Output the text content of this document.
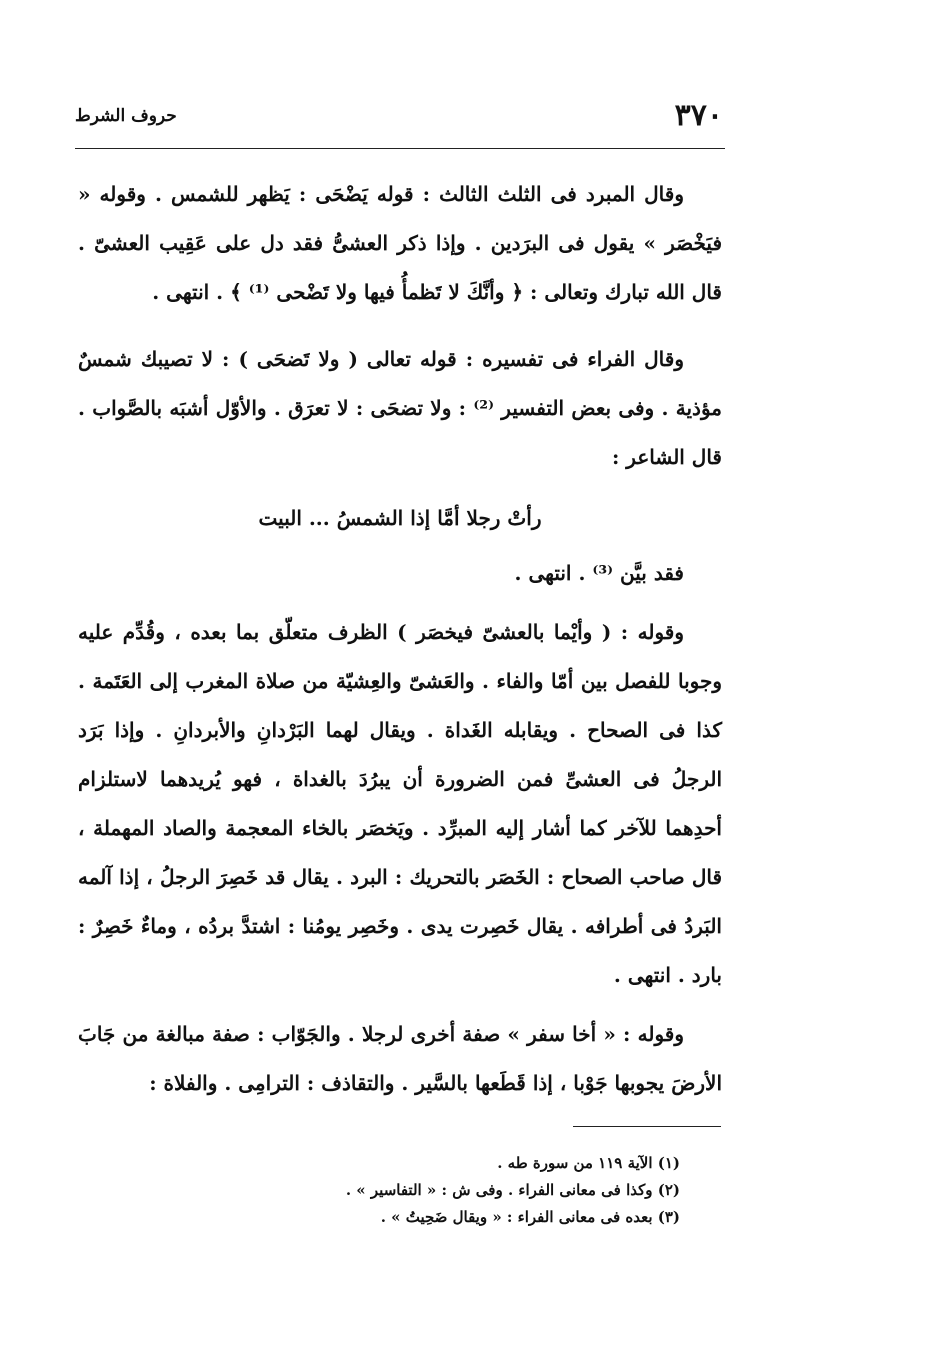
٣٧٠
حروف الشرط

وقال المبرد فى الثلث الثالث : قوله يَضْحَى : يَظهر للشمس . وقوله « فيَخْصَر » يقول فى البرَدين . وإذا ذكر العشىُّ فقد دل على عَقِيب العشىّ . قال الله تبارك وتعالى : ﴿ وأنَّكَ لا تَظمأُ فيها ولا تَضْحى ⁽¹⁾ ﴾ . انتهى .

وقال الفراء فى تفسيره : قوله تعالى ( ولا تَضحَى ) : لا تصيبك شمسٌ مؤذية . وفى بعض التفسير ⁽²⁾ : ولا تضحَى : لا تعرَق . والأوّل أشبَه بالصَّواب . قال الشاعر :

رأتْ رجلا أمَّا إذا الشمسُ ... البيت

فقد بيَّن ⁽³⁾ . انتهى .

وقوله : ( وأيْما بالعشىّ فيخصَر ) الظرف متعلّق بما بعده ، وقُدِّم عليه وجوبا للفصل بين أمّا والفاء . والعَشىّ والعِشيّة من صلاة المغرب إلى العَتَمة . كذا فى الصحاح . ويقابله الغَداة . ويقال لهما البَرْدانِ والأبردانِ . وإذا بَرَد الرجلُ فى العشىِّ فمن الضرورة أن يبرُدَ بالغداة ، فهو يُريدهما لاستلزام أحدِهما للآخر كما أشار إليه المبرِّد . ويَخصَر بالخاء المعجمة والصاد المهملة ، قال صاحب الصحاح : الخَصَر بالتحريك : البرد . يقال قد خَصِرَ الرجلُ ، إذا آلمه البَردُ فى أطرافه . يقال خَصِرت يدى . وخَصِر يومُنا : اشتدَّ بردُه ، وماءٌ خَصِرٌ : بارد . انتهى .

وقوله : « أخا سفر » صفة أخرى لرجلا . والجَوّاب : صفة مبالغة من جَابَ الأرضَ يجوبها جَوْبا ، إذا قَطَعها بالسَّير . والتقاذف : الترامِى . والفلاة :

(١) الآية ١١٩ من سورة طه .
(٢) وكذا فى معانى الفراء . وفى ش : « التفاسير » .
(٣) بعده فى معانى الفراء : « ويقال ضَحِيتُ » .
